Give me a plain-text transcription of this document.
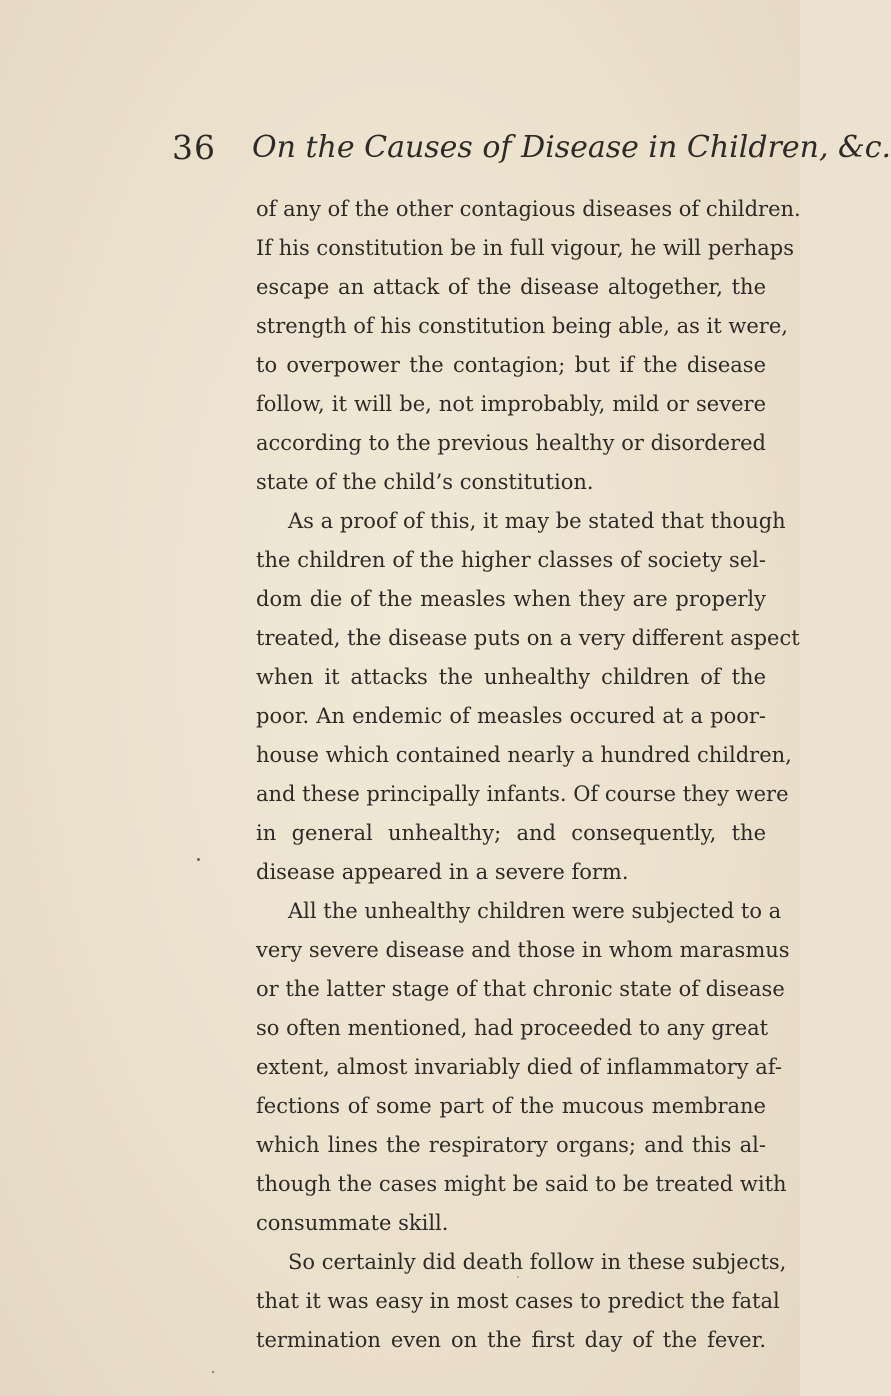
36 On the Causes of Disease in Children, &c.
of any of the other contagious diseases of children.
If his constitution be in full vigour, he will perhaps
escape an attack of the disease altogether, the
strength of his constitution being able, as it were,
to overpower the contagion; but if the disease
follow, it will be, not improbably, mild or severe
according to the previous healthy or disordered
state of the child’s constitution.
As a proof of this, it may be stated that though
the children of the higher classes of society sel-
dom die of the measles when they are properly
treated, the disease puts on a very different aspect
when it attacks the unhealthy children of the
poor. An endemic of measles occured at a poor-
house which contained nearly a hundred children,
and these principally infants. Of course they were
in general unhealthy; and consequently, the
disease appeared in a severe form.
All the unhealthy children were subjected to a
very severe disease and those in whom marasmus
or the latter stage of that chronic state of disease
so often mentioned, had proceeded to any great
extent, almost invariably died of inflammatory af-
fections of some part of the mucous membrane
which lines the respiratory organs; and this al-
though the cases might be said to be treated with
consummate skill.
So certainly did death follow in these subjects,
that it was easy in most cases to predict the fatal
termination even on the first day of the fever.
